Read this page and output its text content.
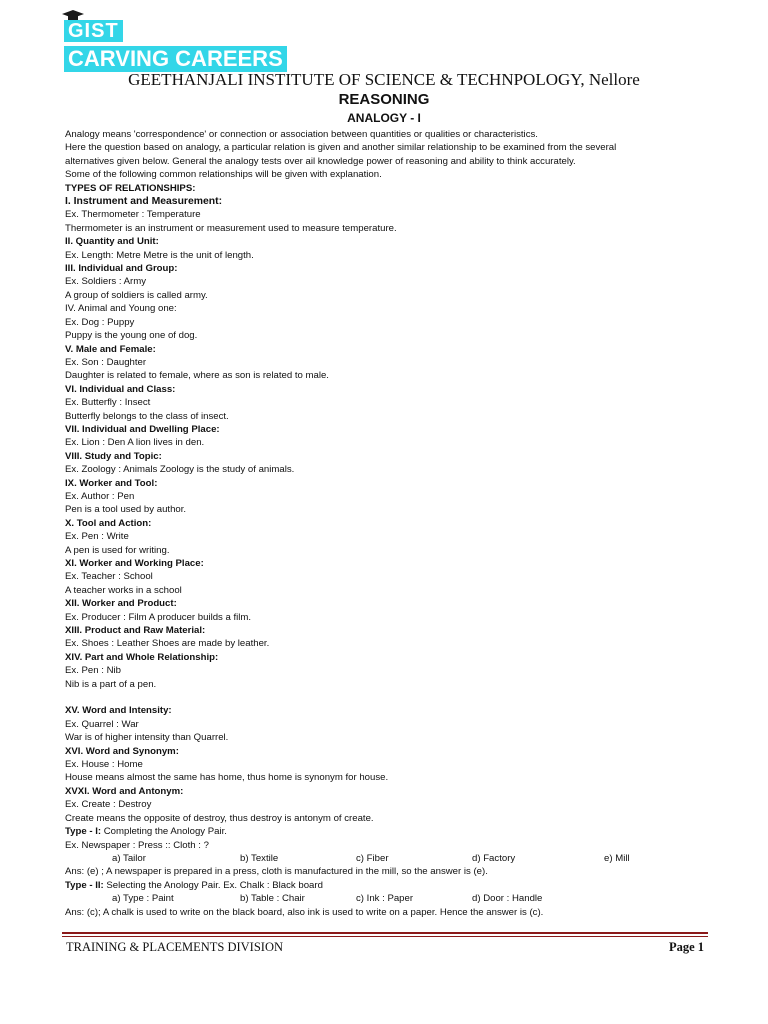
GIST
CARVING CAREERS
GEETHANJALI INSTITUTE OF SCIENCE & TECHNPOLOGY, Nellore
REASONING
ANALOGY - I

Analogy means 'correspondence' or connection or association between quantities or qualities or characteristics.

Here the question based on analogy, a particular relation is given and another similar relationship to be examined from the several

alternatives given below. General the analogy tests over ail knowledge power of reasoning and ability to think accurately.

Some of the following common relationships will be given with explanation.

TYPES OF RELATIONSHIPS:

I. Instrument and Measurement:

Ex. Thermometer : Temperature

Thermometer is an instrument or measurement used to measure temperature.

II. Quantity and Unit:

Ex. Length: Metre Metre is the unit of length.

III. Individual and Group:

Ex. Soldiers : Army

A group of soldiers is called army.

IV. Animal and Young one:

Ex. Dog : Puppy

Puppy is the young one of dog.

V. Male and Female:

Ex. Son : Daughter

Daughter is related to female, where as son is related to male.

VI. Individual and Class:

Ex. Butterfly : Insect

Butterfly belongs to the class of insect.

VII. Individual and Dwelling Place:

Ex. Lion : Den A lion lives in den.

VIII. Study and Topic:

Ex. Zoology : Animals Zoology is the study of animals.

IX. Worker and Tool:

Ex. Author : Pen

Pen is a tool used by author.

X. Tool and Action:

Ex. Pen : Write

A pen is used for writing.

XI. Worker and Working Place:

Ex. Teacher : School

A teacher works in a school

XII. Worker and Product:

Ex. Producer : Film A producer builds a film.

XIII. Product and Raw Material:

Ex. Shoes : Leather Shoes are made by leather.

XIV. Part and Whole Relationship:

Ex. Pen : Nib

Nib is a part of a pen.

XV. Word and Intensity:

Ex. Quarrel : War

War is of higher intensity than Quarrel.

XVI. Word and Synonym:

Ex. House : Home

House means almost the same has home, thus home is synonym for house.

XVXI. Word and Antonym:

Ex. Create : Destroy

Create means the opposite of destroy, thus destroy is antonym of create.

Type - I: Completing the Anology Pair.

Ex. Newspaper : Press :: Cloth : ?

a) Tailor	b) Textile	c) Fiber	d) Factory	e) Mill

Ans: (e) ; A newspaper is prepared in a press, cloth is manufactured in the mill, so the answer is (e).

Type - II: Selecting the Anology Pair. Ex. Chalk : Black board

a) Type : Paint	b) Table : Chair	c) Ink : Paper	d) Door : Handle

Ans: (c); A chalk is used to write on the black board, also ink is used to write on a paper. Hence the answer is (c).

TRAINING & PLACEMENTS DIVISION	Page 1
